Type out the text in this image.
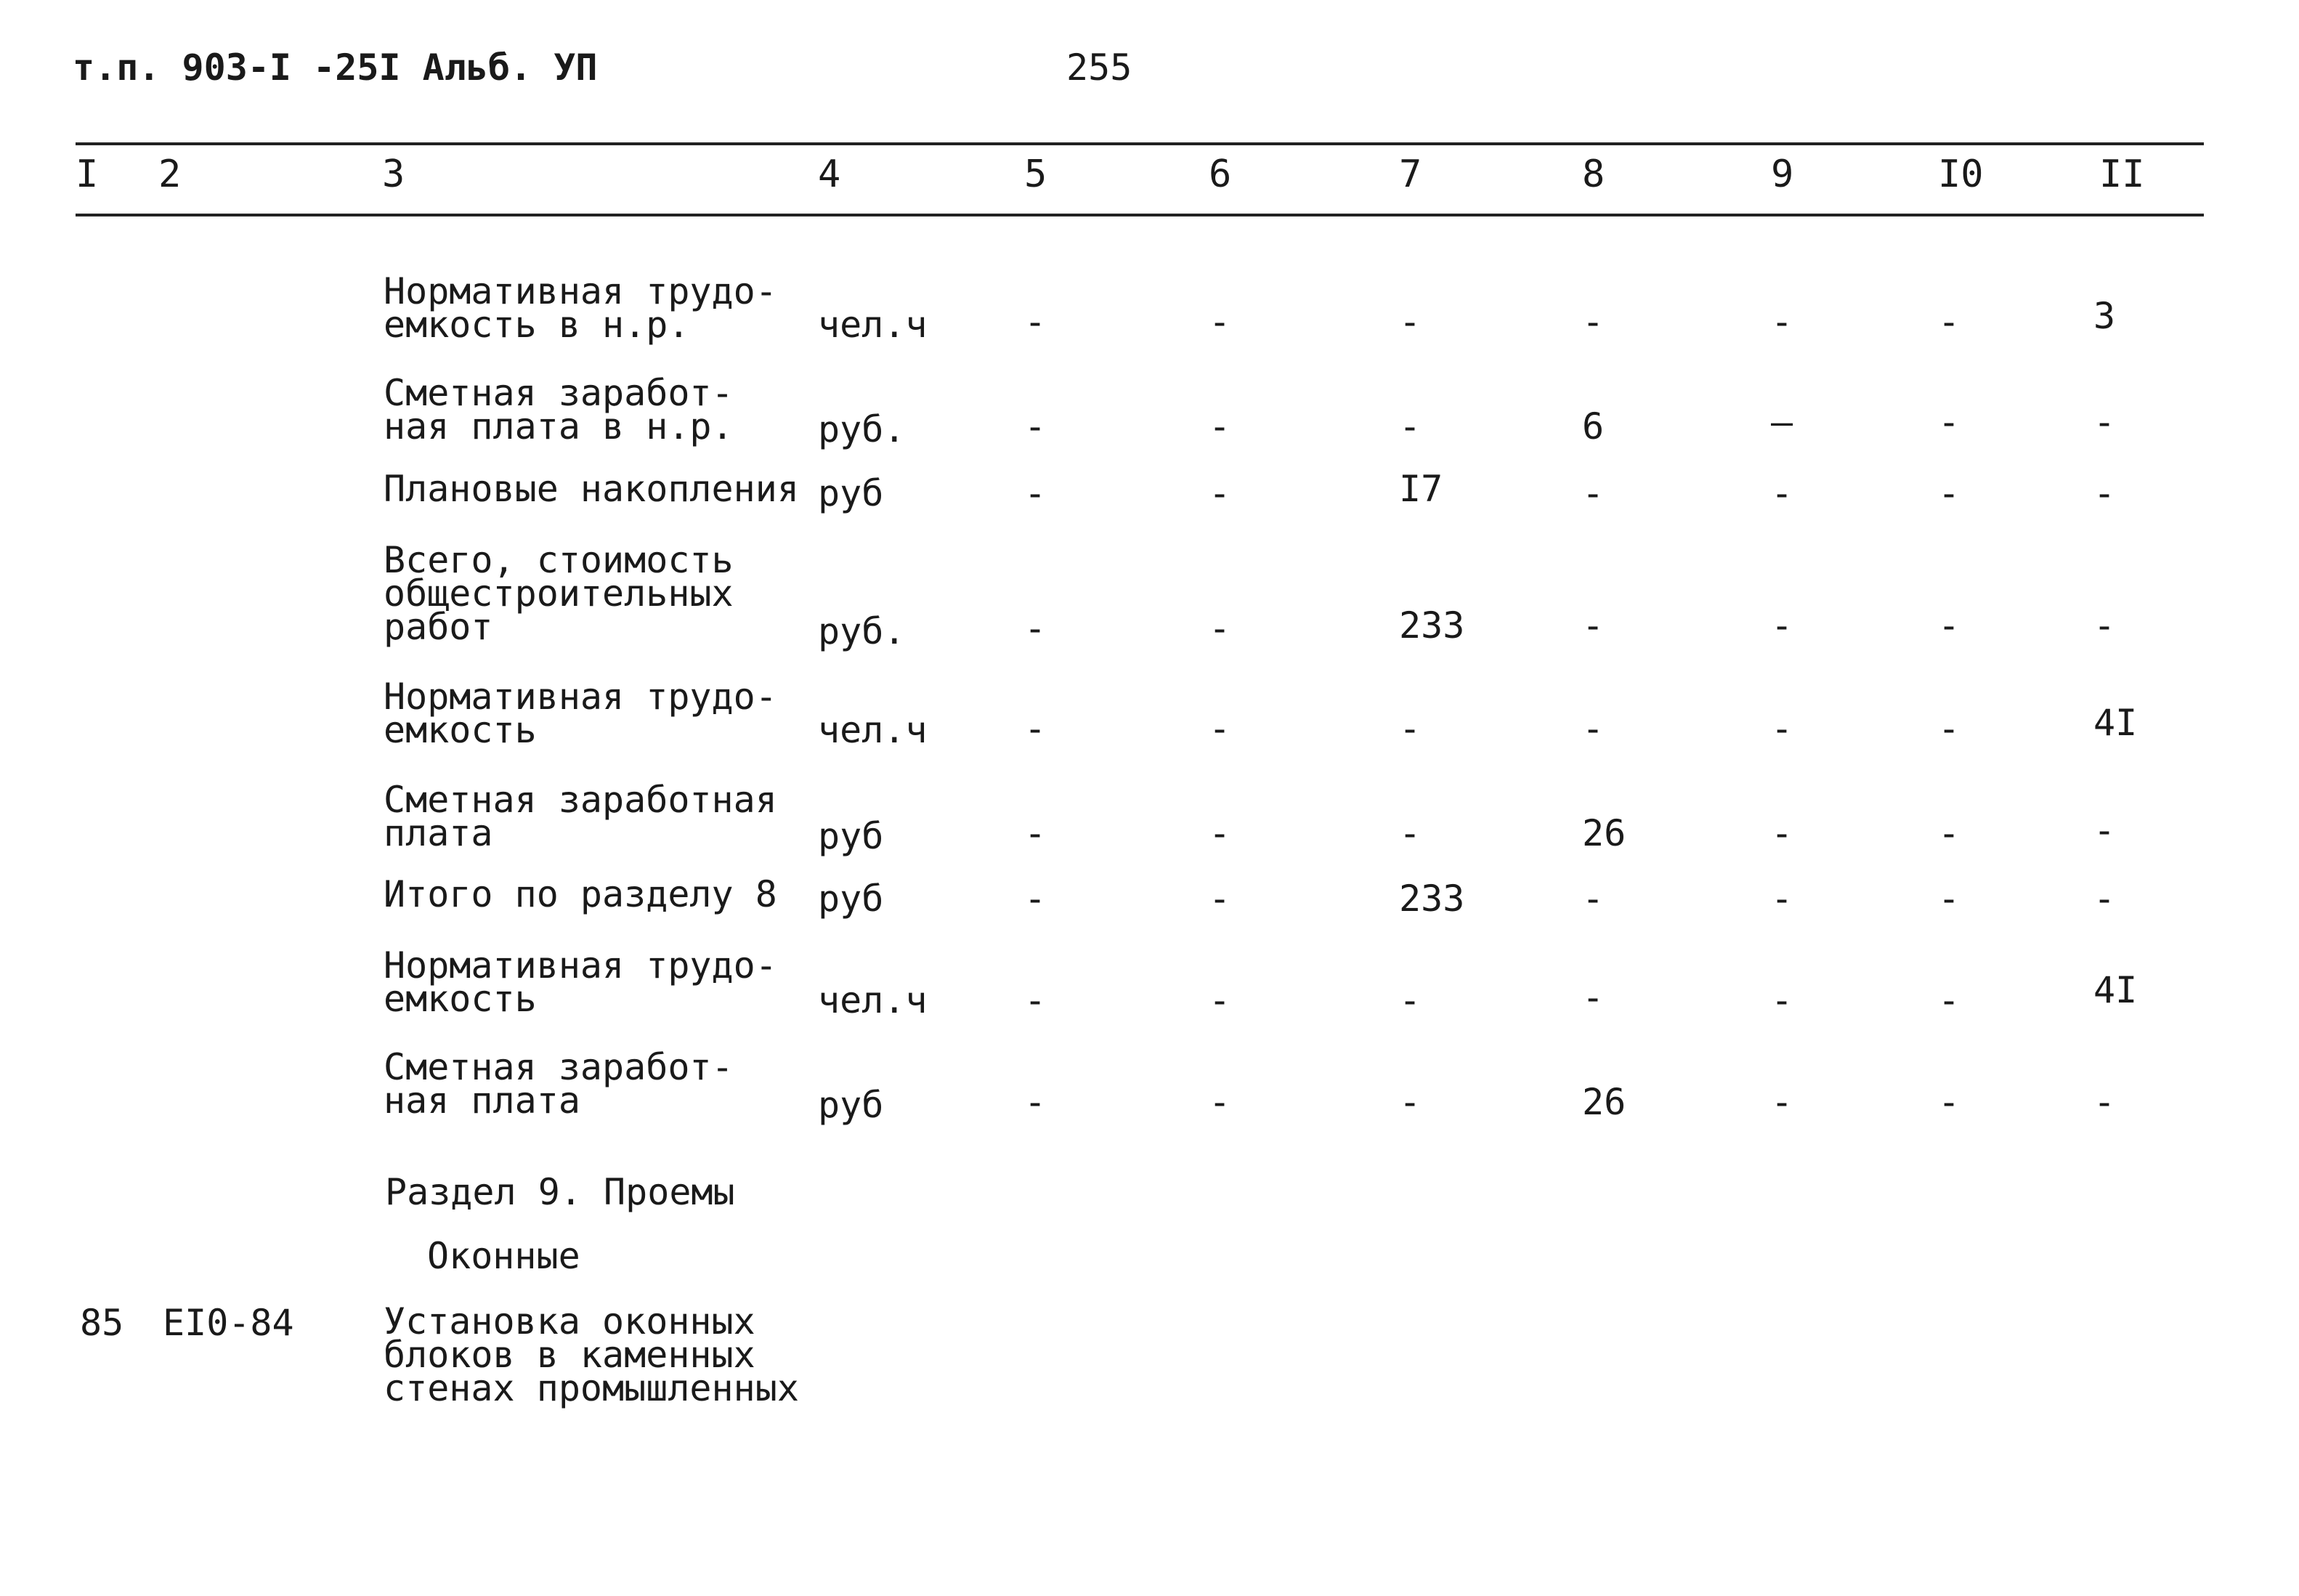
т.п. 903-I -25I Альб. УП	255
I 2	3	4	5	6	7	8	9	I0	II
Нормативная трудо-
емкость в н.р.	чел.ч	-	-	-	-	-	-	3
Сметная заработ-
ная плата в н.р.	руб.	-	-	-	6	—	-	-
Плановые накопления руб	-	-	I7	-	-	-	-
Всего, стоимость
общестроительных
работ	руб.	-	-	233	-	-	-	-
Нормативная трудо-
емкость	чел.ч	-	-	-	-	-	-	4I
Сметная заработная
плата	руб	-	-	-	26	-	-	-
Итого по разделу 8	руб	-	-	233	-	-	-	-
Нормативная трудо-
емкость	чел.ч	-	-	-	-	-	-	4I
Сметная заработ-
ная плата	руб	-	-	-	26	-	-	-
Раздел 9. Проемы
Оконные
85 EI0-84 Установка оконных
блоков в каменных
стенах промышленных
